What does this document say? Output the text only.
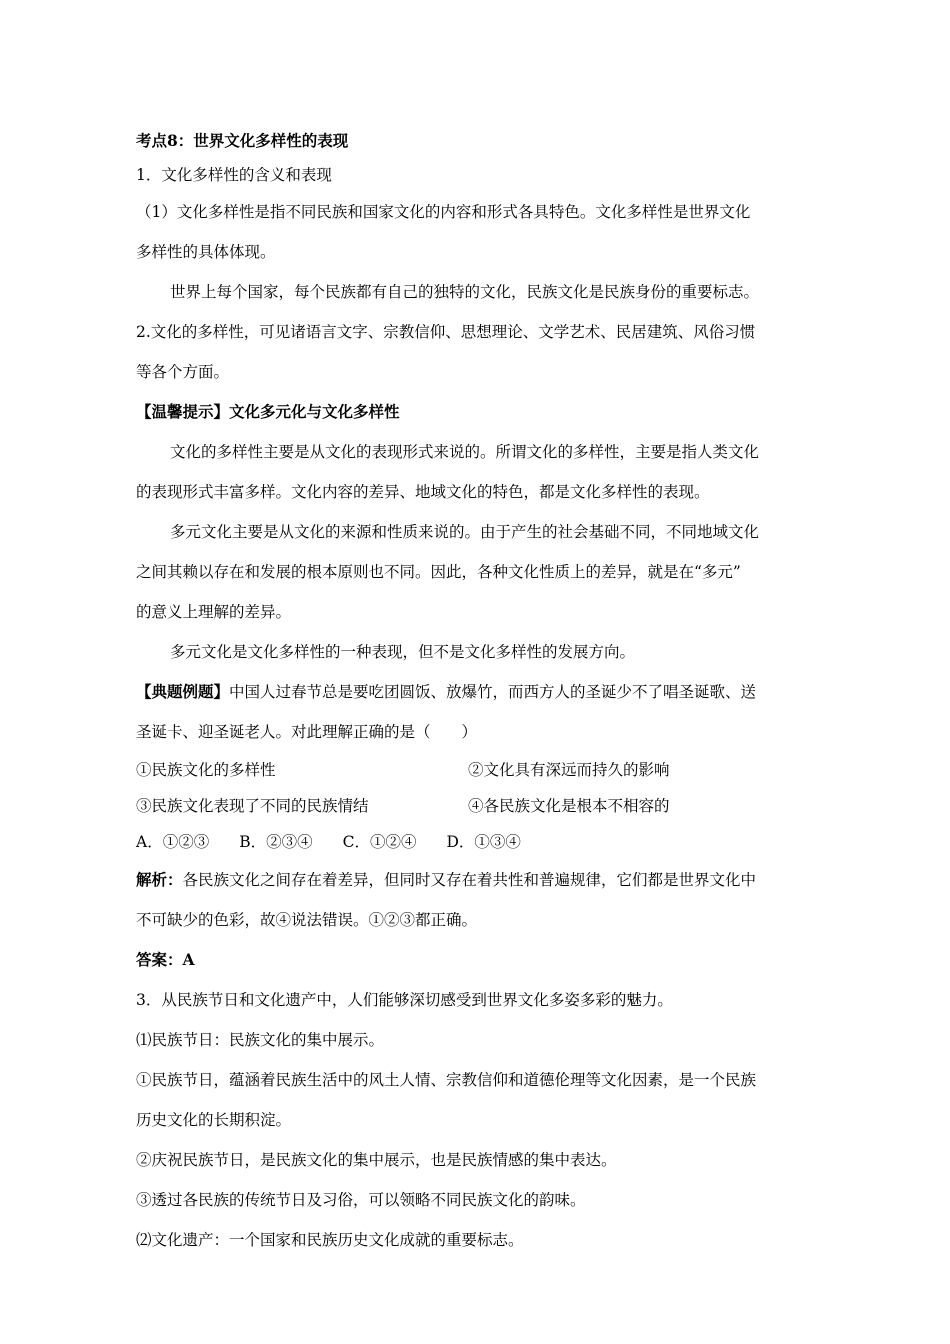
考点8：世界文化多样性的表现
1．文化多样性的含义和表现
（1）文化多样性是指不同民族和国家文化的内容和形式各具特色。文化多样性是世界文化
多样性的具体体现。
世界上每个国家，每个民族都有自己的独特的文化，民族文化是民族身份的重要标志。
2.文化的多样性，可见诸语言文字、宗教信仰、思想理论、文学艺术、民居建筑、风俗习惯
等各个方面。
【温馨提示】文化多元化与文化多样性
文化的多样性主要是从文化的表现形式来说的。所谓文化的多样性，主要是指人类文化
的表现形式丰富多样。文化内容的差异、地域文化的特色，都是文化多样性的表现。
多元文化主要是从文化的来源和性质来说的。由于产生的社会基础不同，不同地域文化
之间其赖以存在和发展的根本原则也不同。因此，各种文化性质上的差异，就是在“多元”
的意义上理解的差异。
多元文化是文化多样性的一种表现，但不是文化多样性的发展方向。
【典题例题】中国人过春节总是要吃团圆饭、放爆竹，而西方人的圣诞少不了唱圣诞歌、送
圣诞卡、迎圣诞老人。对此理解正确的是（　　）
①民族文化的多样性	②文化具有深远而持久的影响
③民族文化表现了不同的民族情结	④各民族文化是根本不相容的
A．①②③ B．②③④ C．①②④ D．①③④
解析：各民族文化之间存在着差异，但同时又存在着共性和普遍规律，它们都是世界文化中
不可缺少的色彩，故④说法错误。①②③都正确。
答案：A
3．从民族节日和文化遗产中，人们能够深切感受到世界文化多姿多彩的魅力。
⑴民族节日：民族文化的集中展示。
①民族节日，蕴涵着民族生活中的风土人情、宗教信仰和道德伦理等文化因素，是一个民族
历史文化的长期积淀。
②庆祝民族节日，是民族文化的集中展示，也是民族情感的集中表达。
③透过各民族的传统节日及习俗，可以领略不同民族文化的韵味。
⑵文化遗产：一个国家和民族历史文化成就的重要标志。
